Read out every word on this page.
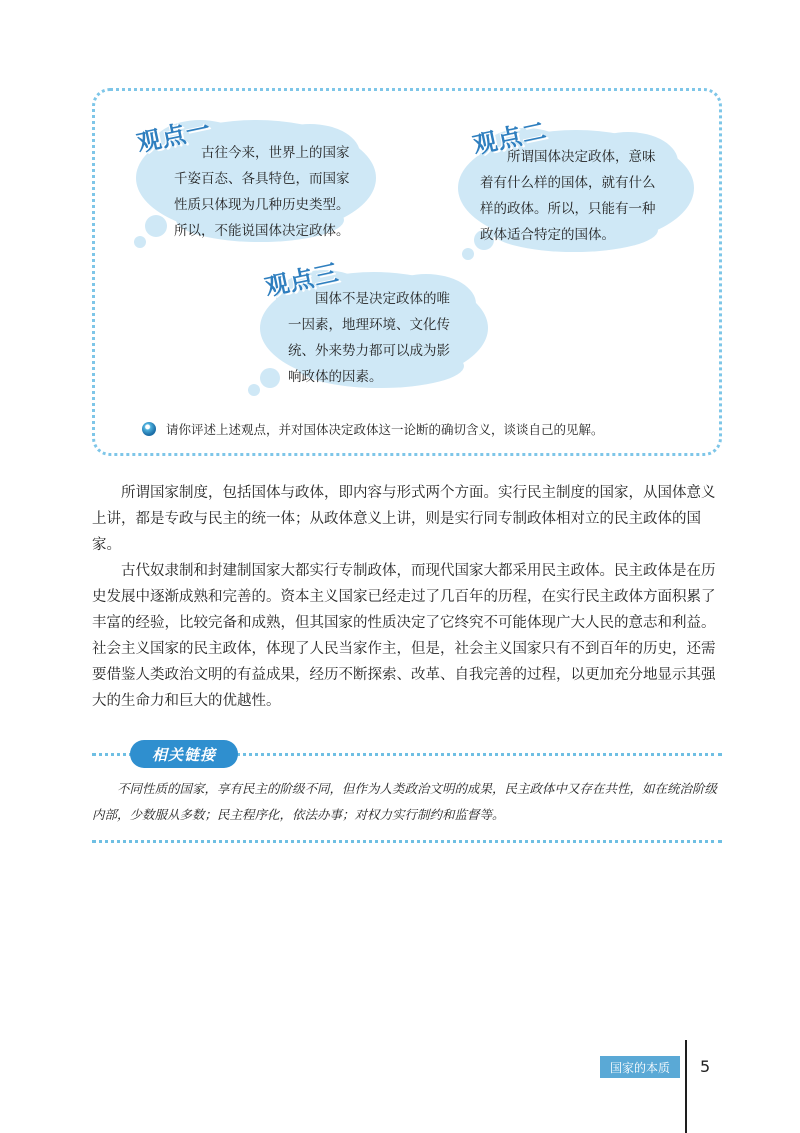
观点一
古往今来，世界上的国家
千姿百态、各具特色，而国家
性质只体现为几种历史类型。
所以，不能说国体决定政体。
观点二
所谓国体决定政体，意味
着有什么样的国体，就有什么
样的政体。所以，只能有一种
政体适合特定的国体。
观点三
国体不是决定政体的唯
一因素，地理环境、文化传
统、外来势力都可以成为影
响政体的因素。
请你评述上述观点，并对国体决定政体这一论断的确切含义，谈谈自己的见解。

所谓国家制度，包括国体与政体，即内容与形式两个方面。实行民主制度的国家，从国体意义上讲，都是专政与民主的统一体；从政体意义上讲，则是实行同专制政体相对立的民主政体的国家。

古代奴隶制和封建制国家大都实行专制政体，而现代国家大都采用民主政体。民主政体是在历史发展中逐渐成熟和完善的。资本主义国家已经走过了几百年的历程，在实行民主政体方面积累了丰富的经验，比较完备和成熟，但其国家的性质决定了它终究不可能体现广大人民的意志和利益。社会主义国家的民主政体，体现了人民当家作主，但是，社会主义国家只有不到百年的历史，还需要借鉴人类政治文明的有益成果，经历不断探索、改革、自我完善的过程，以更加充分地显示其强大的生命力和巨大的优越性。

相关链接
不同性质的国家，享有民主的阶级不同，但作为人类政治文明的成果，民主政体中又存在共性，如在统治阶级内部，少数服从多数；民主程序化，依法办事；对权力实行制约和监督等。
国家的本质	5
